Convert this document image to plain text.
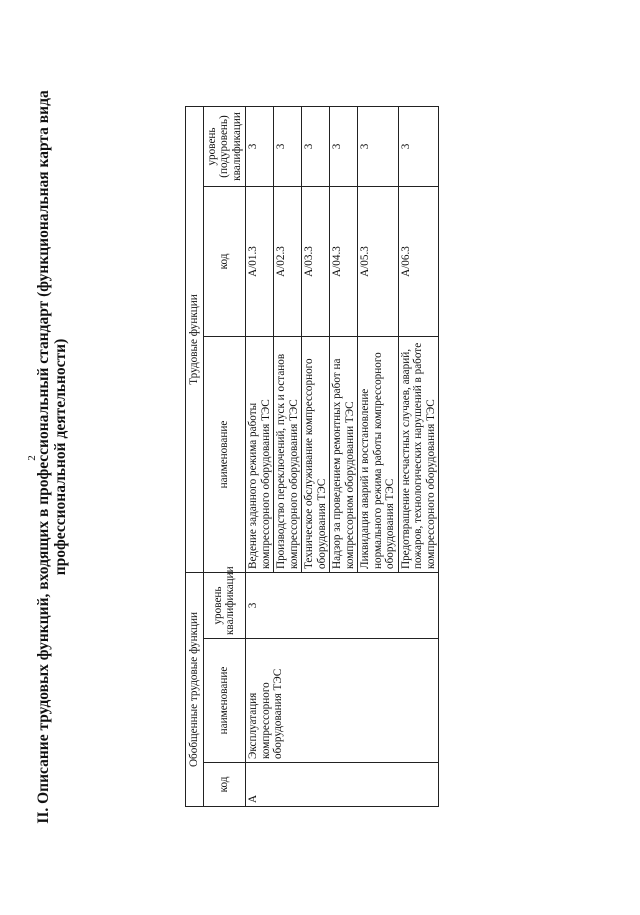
2
II. Описание трудовых функций, входящих в профессиональный стандарт (функциональная карта вида профессиональной деятельности)
Обобщенные трудовые функции			Трудовые функции		
код	наименование	уровень квалификации	наименование	код	уровень (подуровень) квалификации
A	Эксплуатация компрессорного оборудования ТЭС	3	Ведение заданного режима работы компрессорного оборудования ТЭС	A/01.3	3
			Производство переключений, пуск и останов компрессорного оборудования ТЭС	A/02.3	3
			Техническое обслуживание компрессорного оборудования ТЭС	A/03.3	3
			Надзор за проведением ремонтных работ на компрессорном оборудовании ТЭС	A/04.3	3
			Ликвидация аварий и восстановление нормального режима работы компрессорного оборудования ТЭС	A/05.3	3
			Предотвращение несчастных случаев, аварий, пожаров, технологических нарушений в работе компрессорного оборудования ТЭС	A/06.3	3
